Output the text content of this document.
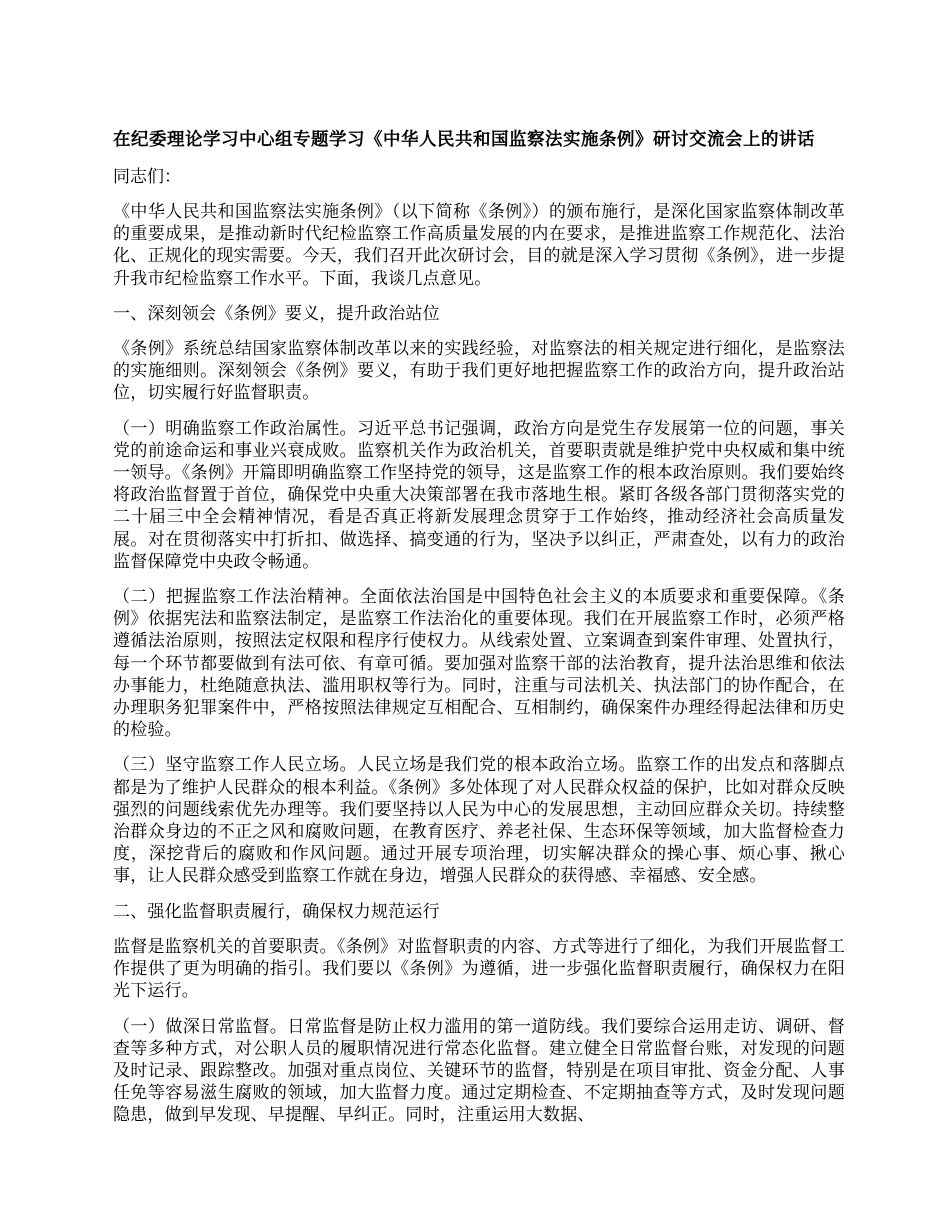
在纪委理论学习中心组专题学习《中华人民共和国监察法实施条例》研讨交流会上的讲话
同志们：
《中华人民共和国监察法实施条例》（以下简称《条例》）的颁布施行，是深化国家监察体制改革的重要成果，是推动新时代纪检监察工作高质量发展的内在要求，是推进监察工作规范化、法治化、正规化的现实需要。今天，我们召开此次研讨会，目的就是深入学习贯彻《条例》，进一步提升我市纪检监察工作水平。下面，我谈几点意见。
一、深刻领会《条例》要义，提升政治站位
《条例》系统总结国家监察体制改革以来的实践经验，对监察法的相关规定进行细化，是监察法的实施细则。深刻领会《条例》要义，有助于我们更好地把握监察工作的政治方向，提升政治站位，切实履行好监督职责。
（一）明确监察工作政治属性。习近平总书记强调，政治方向是党生存发展第一位的问题，事关党的前途命运和事业兴衰成败。监察机关作为政治机关，首要职责就是维护党中央权威和集中统一领导。《条例》开篇即明确监察工作坚持党的领导，这是监察工作的根本政治原则。我们要始终将政治监督置于首位，确保党中央重大决策部署在我市落地生根。紧盯各级各部门贯彻落实党的二十届三中全会精神情况，看是否真正将新发展理念贯穿于工作始终，推动经济社会高质量发展。对在贯彻落实中打折扣、做选择、搞变通的行为，坚决予以纠正，严肃查处，以有力的政治监督保障党中央政令畅通。
（二）把握监察工作法治精神。全面依法治国是中国特色社会主义的本质要求和重要保障。《条例》依据宪法和监察法制定，是监察工作法治化的重要体现。我们在开展监察工作时，必须严格遵循法治原则，按照法定权限和程序行使权力。从线索处置、立案调查到案件审理、处置执行，每一个环节都要做到有法可依、有章可循。要加强对监察干部的法治教育，提升法治思维和依法办事能力，杜绝随意执法、滥用职权等行为。同时，注重与司法机关、执法部门的协作配合，在办理职务犯罪案件中，严格按照法律规定互相配合、互相制约，确保案件办理经得起法律和历史的检验。
（三）坚守监察工作人民立场。人民立场是我们党的根本政治立场。监察工作的出发点和落脚点都是为了维护人民群众的根本利益。《条例》多处体现了对人民群众权益的保护，比如对群众反映强烈的问题线索优先办理等。我们要坚持以人民为中心的发展思想，主动回应群众关切。持续整治群众身边的不正之风和腐败问题，在教育医疗、养老社保、生态环保等领域，加大监督检查力度，深挖背后的腐败和作风问题。通过开展专项治理，切实解决群众的操心事、烦心事、揪心事，让人民群众感受到监察工作就在身边，增强人民群众的获得感、幸福感、安全感。
二、强化监督职责履行，确保权力规范运行
监督是监察机关的首要职责。《条例》对监督职责的内容、方式等进行了细化，为我们开展监督工作提供了更为明确的指引。我们要以《条例》为遵循，进一步强化监督职责履行，确保权力在阳光下运行。
（一）做深日常监督。日常监督是防止权力滥用的第一道防线。我们要综合运用走访、调研、督查等多种方式，对公职人员的履职情况进行常态化监督。建立健全日常监督台账，对发现的问题及时记录、跟踪整改。加强对重点岗位、关键环节的监督，特别是在项目审批、资金分配、人事任免等容易滋生腐败的领域，加大监督力度。通过定期检查、不定期抽查等方式，及时发现问题隐患，做到早发现、早提醒、早纠正。同时，注重运用大数据、
